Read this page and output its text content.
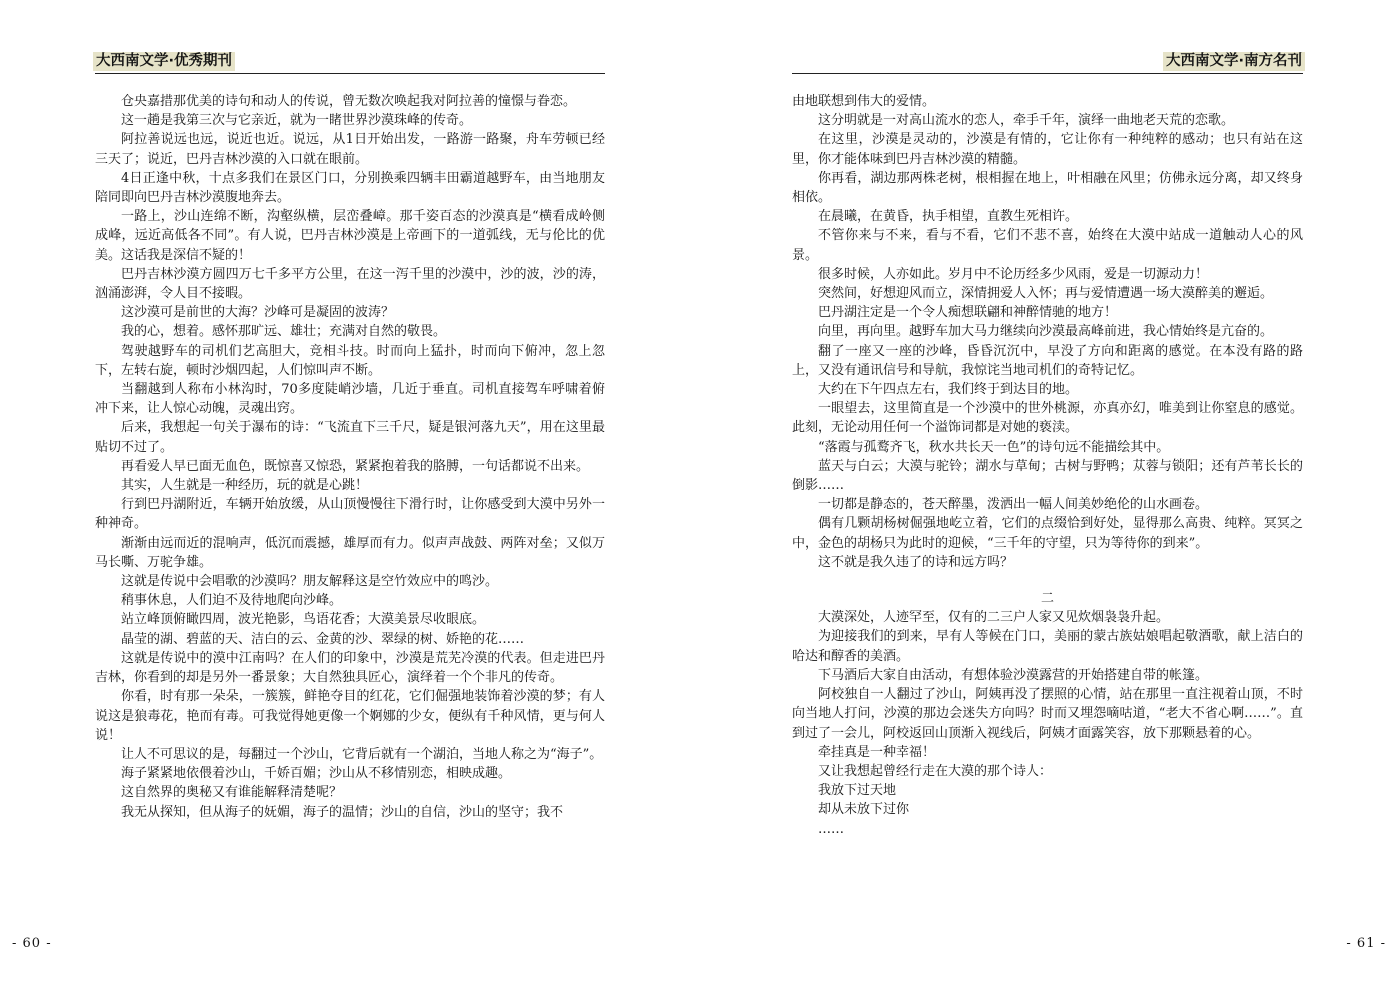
大西南文学·优秀期刊

仓央嘉措那优美的诗句和动人的传说，曾无数次唤起我对阿拉善的憧憬与眷恋。

这一趟是我第三次与它亲近，就为一睹世界沙漠珠峰的传奇。

阿拉善说远也远，说近也近。说远，从1日开始出发，一路游一路聚，舟车劳顿已经三天了；说近，巴丹吉林沙漠的入口就在眼前。

4日正逢中秋，十点多我们在景区门口，分别换乘四辆丰田霸道越野车，由当地朋友陪同即向巴丹吉林沙漠腹地奔去。

一路上，沙山连绵不断，沟壑纵横，层峦叠嶂。那千姿百态的沙漠真是“横看成岭侧成峰，远近高低各不同”。有人说，巴丹吉林沙漠是上帝画下的一道弧线，无与伦比的优美。这话我是深信不疑的！

巴丹吉林沙漠方圆四万七千多平方公里，在这一泻千里的沙漠中，沙的波，沙的涛，汹涌澎湃，令人目不接暇。

这沙漠可是前世的大海？沙峰可是凝固的波涛？

我的心，想着。感怀那旷远、雄壮；充满对自然的敬畏。

驾驶越野车的司机们艺高胆大，竞相斗技。时而向上猛扑，时而向下俯冲，忽上忽下，左转右旋，顿时沙烟四起，人们惊叫声不断。

当翻越到人称布小林沟时，70多度陡峭沙墙，几近于垂直。司机直接驾车呼啸着俯冲下来，让人惊心动魄，灵魂出窍。

后来，我想起一句关于瀑布的诗：“飞流直下三千尺，疑是银河落九天”，用在这里最贴切不过了。

再看爱人早已面无血色，既惊喜又惊恐，紧紧抱着我的胳膊，一句话都说不出来。

其实，人生就是一种经历，玩的就是心跳！

行到巴丹湖附近，车辆开始放缓，从山顶慢慢往下滑行时，让你感受到大漠中另外一种神奇。

渐渐由远而近的混响声，低沉而震撼，雄厚而有力。似声声战鼓、两阵对垒；又似万马长嘶、万驼争雄。

这就是传说中会唱歌的沙漠吗？朋友解释这是空竹效应中的鸣沙。

稍事休息，人们迫不及待地爬向沙峰。

站立峰顶俯瞰四周，波光艳影，鸟语花香；大漠美景尽收眼底。

晶莹的湖、碧蓝的天、洁白的云、金黄的沙、翠绿的树、娇艳的花……

这就是传说中的漠中江南吗？在人们的印象中，沙漠是荒芜冷漠的代表。但走进巴丹吉林，你看到的却是另外一番景象；大自然独具匠心，演绎着一个个非凡的传奇。

你看，时有那一朵朵，一簇簇，鲜艳夺目的红花，它们倔强地装饰着沙漠的梦；有人说这是狼毒花，艳而有毒。可我觉得她更像一个婀娜的少女，便纵有千种风情，更与何人说！

让人不可思议的是，每翻过一个沙山，它背后就有一个湖泊，当地人称之为“海子”。

海子紧紧地依偎着沙山，千娇百媚；沙山从不移情别恋，相映成趣。

这自然界的奥秘又有谁能解释清楚呢？

我无从探知，但从海子的妩媚，海子的温情；沙山的自信，沙山的坚守；我不

- 60 -
大西南文学·南方名刊

由地联想到伟大的爱情。

这分明就是一对高山流水的恋人，牵手千年，演绎一曲地老天荒的恋歌。

在这里，沙漠是灵动的，沙漠是有情的，它让你有一种纯粹的感动；也只有站在这里，你才能体味到巴丹吉林沙漠的精髓。

你再看，湖边那两株老树，根相握在地上，叶相融在风里；仿佛永远分离，却又终身相依。

在晨曦，在黄昏，执手相望，直教生死相许。

不管你来与不来，看与不看，它们不悲不喜，始终在大漠中站成一道触动人心的风景。

很多时候，人亦如此。岁月中不论历经多少风雨，爱是一切源动力！

突然间，好想迎风而立，深情拥爱人入怀；再与爱情遭遇一场大漠醉美的邂逅。

巴丹湖注定是一个令人痴想联翩和神醉情驰的地方！

向里，再向里。越野车加大马力继续向沙漠最高峰前进，我心情始终是亢奋的。

翻了一座又一座的沙峰，昏昏沉沉中，早没了方向和距离的感觉。在本没有路的路上，又没有通讯信号和导航，我惊诧当地司机们的奇特记忆。

大约在下午四点左右，我们终于到达目的地。

一眼望去，这里简直是一个沙漠中的世外桃源，亦真亦幻，唯美到让你窒息的感觉。此刻，无论动用任何一个溢饰词都是对她的亵渎。

“落霞与孤鹜齐飞，秋水共长天一色”的诗句远不能描绘其中。

蓝天与白云；大漠与驼铃；湖水与草甸；古树与野鸭；苁蓉与锁阳；还有芦苇长长的倒影……

一切都是静态的，苍天醉墨，泼洒出一幅人间美妙绝伦的山水画卷。

偶有几颗胡杨树倔强地屹立着，它们的点缀恰到好处，显得那么高贵、纯粹。冥冥之中，金色的胡杨只为此时的迎候，“三千年的守望，只为等待你的到来”。

这不就是我久违了的诗和远方吗？

二

大漠深处，人迹罕至，仅有的二三户人家又见炊烟袅袅升起。

为迎接我们的到来，早有人等候在门口，美丽的蒙古族姑娘唱起敬酒歌，献上洁白的哈达和醇香的美酒。

下马酒后大家自由活动，有想体验沙漠露营的开始搭建自带的帐篷。

阿校独自一人翻过了沙山，阿姨再没了摆照的心情，站在那里一直注视着山顶，不时向当地人打问，沙漠的那边会迷失方向吗？时而又埋怨嘀咕道，“老大不省心啊……”。直到过了一会儿，阿校返回山顶渐入视线后，阿姨才面露笑容，放下那颗悬着的心。

牵挂真是一种幸福！

又让我想起曾经行走在大漠的那个诗人：

我放下过天地

却从未放下过你

……

- 61 -
